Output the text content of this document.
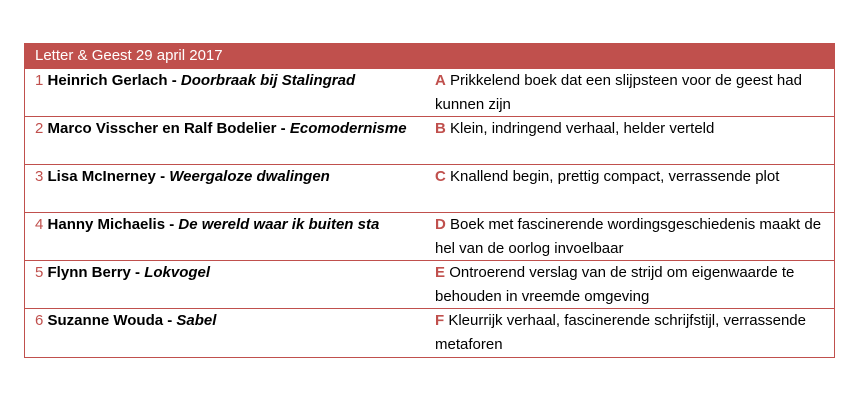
Letter & Geest 29 april 2017
1 Heinrich Gerlach - Doorbraak bij Stalingrad	A Prikkelend boek dat een slijpsteen voor de geest had kunnen zijn
2 Marco Visscher en Ralf Bodelier - Ecomodernisme	B Klein, indringend verhaal, helder verteld
3 Lisa McInerney - Weergaloze dwalingen	C Knallend begin, prettig compact, verrassende plot
4 Hanny Michaelis - De wereld waar ik buiten sta	D Boek met fascinerende wordingsgeschiedenis maakt de hel van de oorlog invoelbaar
5 Flynn Berry - Lokvogel	E Ontroerend verslag van de strijd om eigenwaarde te behouden in vreemde omgeving
6 Suzanne Wouda - Sabel	F Kleurrijk verhaal, fascinerende schrijfstijl, verrassende metaforen
